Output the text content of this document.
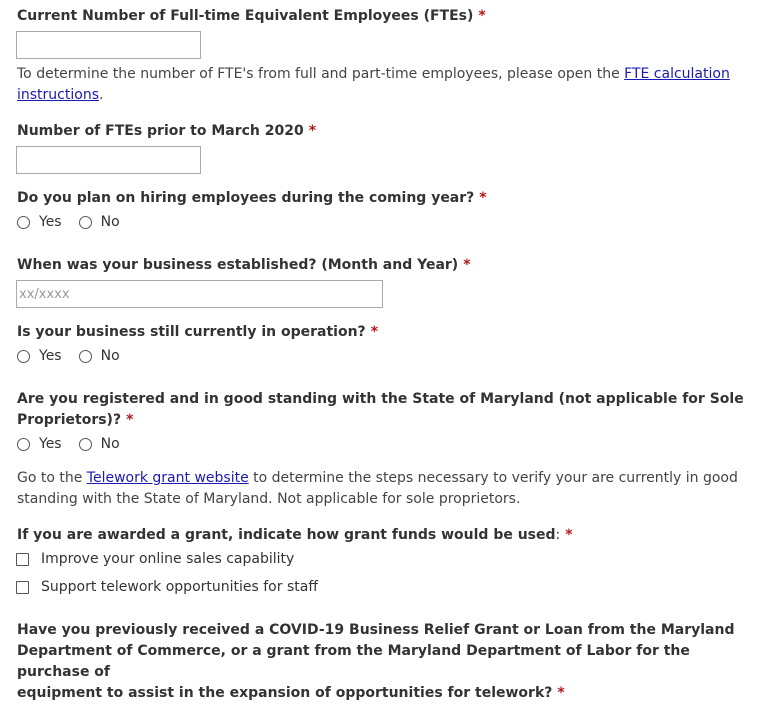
Current Number of Full-time Equivalent Employees (FTEs) *
To determine the number of FTE's from full and part-time employees, please open the FTE calculation
instructions.
Number of FTEs prior to March 2020 *
Do you plan on hiring employees during the coming year? *
Yes	No
When was your business established? (Month and Year) *
xx/xxxx
Is your business still currently in operation? *
Yes	No
Are you registered and in good standing with the State of Maryland (not applicable for Sole
Proprietors)? *
Yes	No
Go to the Telework grant website to determine the steps necessary to verify your are currently in good
standing with the State of Maryland. Not applicable for sole proprietors.
If you are awarded a grant, indicate how grant funds would be used: *
Improve your online sales capability
Support telework opportunities for staff
Have you previously received a COVID-19 Business Relief Grant or Loan from the Maryland
Department of Commerce, or a grant from the Maryland Department of Labor for the purchase of
equipment to assist in the expansion of opportunities for telework? *
